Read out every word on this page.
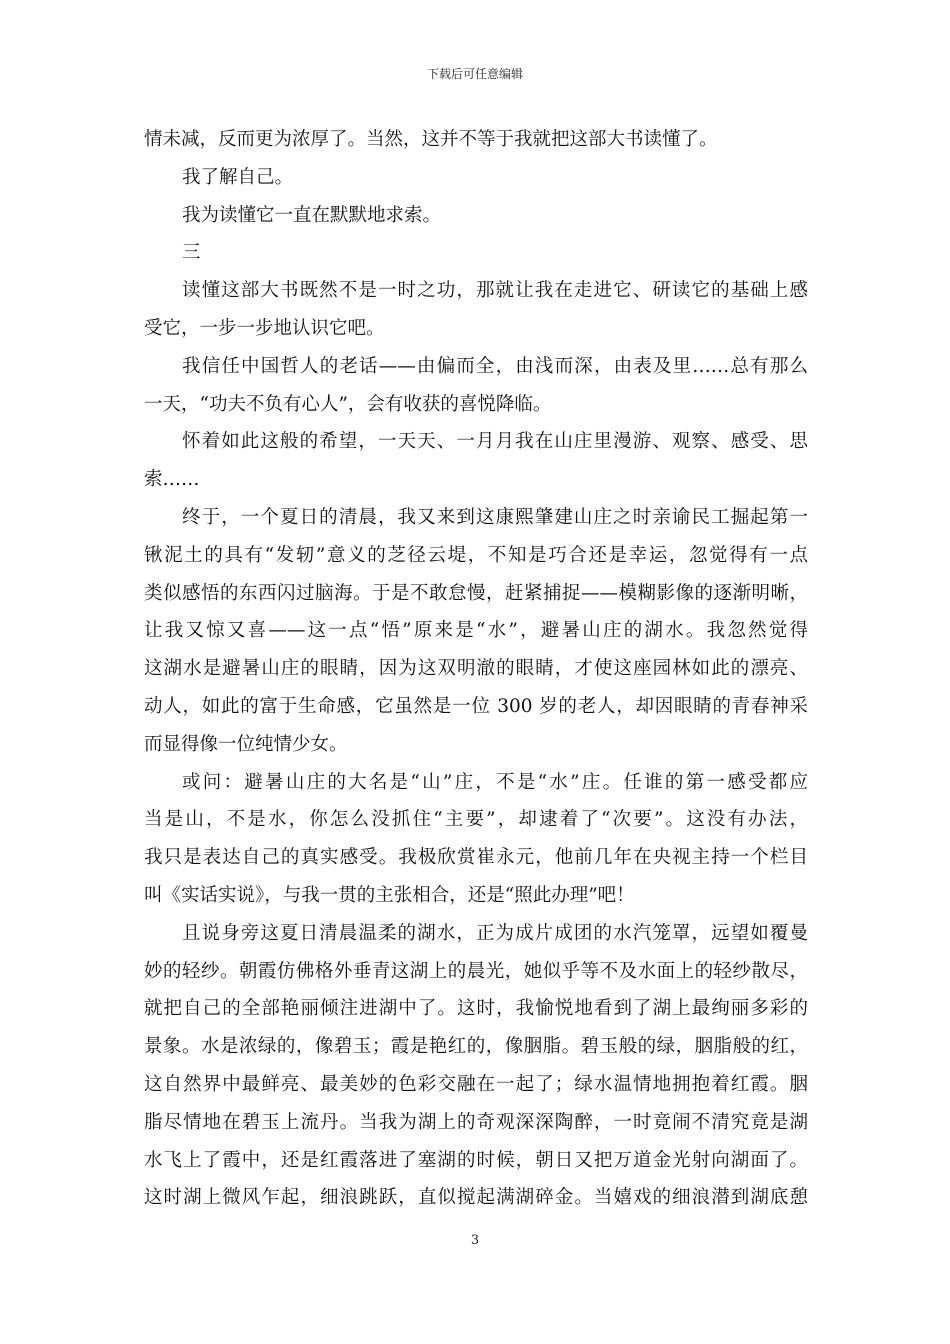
下载后可任意编辑
情未减，反而更为浓厚了。当然，这并不等于我就把这部大书读懂了。
我了解自己。
我为读懂它一直在默默地求索。
三
读懂这部大书既然不是一时之功，那就让我在走进它、研读它的基础上感
受它，一步一步地认识它吧。
我信任中国哲人的老话——由偏而全，由浅而深，由表及里……总有那么
一天，“功夫不负有心人”，会有收获的喜悦降临。
怀着如此这般的希望，一天天、一月月我在山庄里漫游、观察、感受、思
索……
终于，一个夏日的清晨，我又来到这康熙肇建山庄之时亲谕民工掘起第一
锹泥土的具有“发轫”意义的芝径云堤，不知是巧合还是幸运，忽觉得有一点
类似感悟的东西闪过脑海。于是不敢怠慢，赶紧捕捉——模糊影像的逐渐明晰，
让我又惊又喜——这一点“悟”原来是“水”，避暑山庄的湖水。我忽然觉得
这湖水是避暑山庄的眼睛，因为这双明澈的眼睛，才使这座园林如此的漂亮、
动人，如此的富于生命感，它虽然是一位 300 岁的老人，却因眼睛的青春神采
而显得像一位纯情少女。
或问：避暑山庄的大名是“山”庄，不是“水”庄。任谁的第一感受都应
当是山，不是水，你怎么没抓住“主要”，却逮着了“次要”。这没有办法，
我只是表达自己的真实感受。我极欣赏崔永元，他前几年在央视主持一个栏目
叫《实话实说》，与我一贯的主张相合，还是“照此办理”吧！
且说身旁这夏日清晨温柔的湖水，正为成片成团的水汽笼罩，远望如覆曼
妙的轻纱。朝霞仿佛格外垂青这湖上的晨光，她似乎等不及水面上的轻纱散尽，
就把自己的全部艳丽倾注进湖中了。这时，我愉悦地看到了湖上最绚丽多彩的
景象。水是浓绿的，像碧玉；霞是艳红的，像胭脂。碧玉般的绿，胭脂般的红，
这自然界中最鲜亮、最美妙的色彩交融在一起了；绿水温情地拥抱着红霞。胭
脂尽情地在碧玉上流丹。当我为湖上的奇观深深陶醉，一时竟闹不清究竟是湖
水飞上了霞中，还是红霞落进了塞湖的时候，朝日又把万道金光射向湖面了。
这时湖上微风乍起，细浪跳跃，直似搅起满湖碎金。当嬉戏的细浪潜到湖底憩
3
